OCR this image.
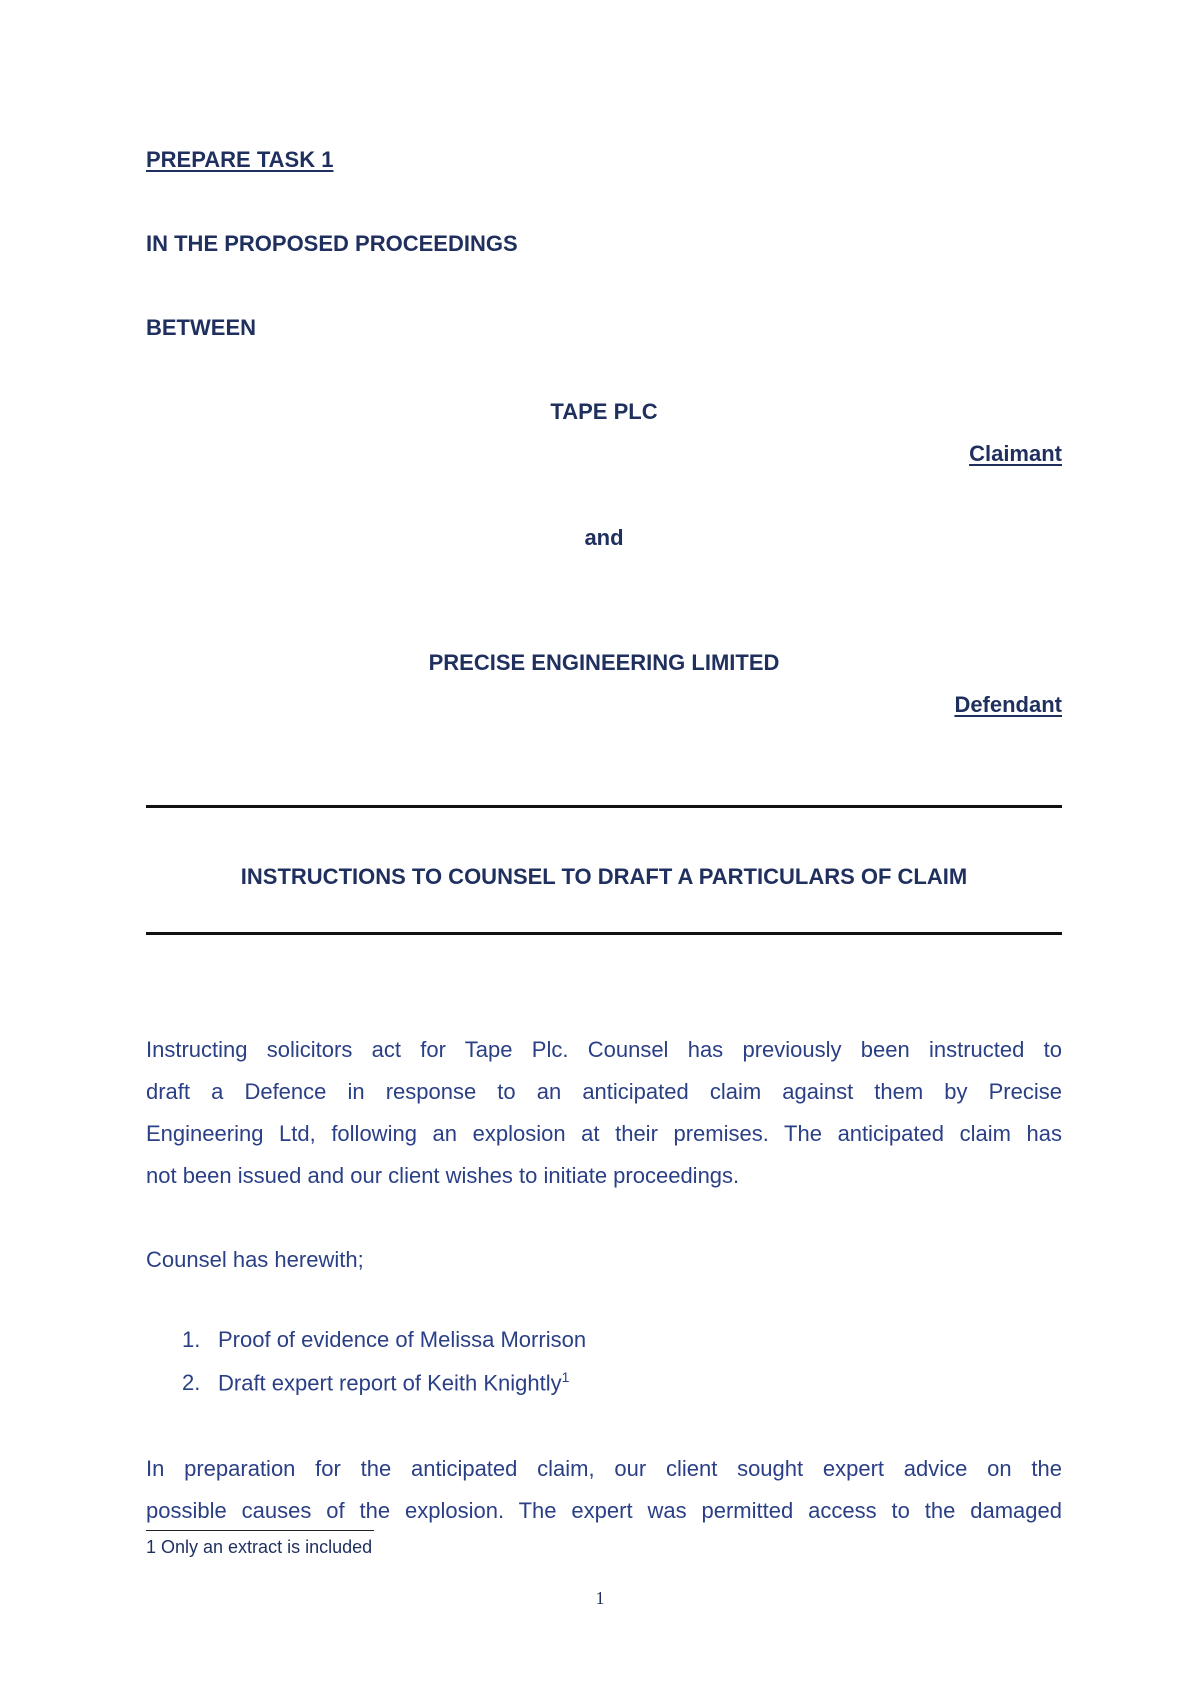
PREPARE TASK 1
IN THE PROPOSED PROCEEDINGS
BETWEEN
TAPE PLC
Claimant
and
PRECISE ENGINEERING LIMITED
Defendant
INSTRUCTIONS TO COUNSEL TO DRAFT A PARTICULARS OF CLAIM
Instructing solicitors act for Tape Plc. Counsel has previously been instructed to
draft a Defence in response to an anticipated claim against them by Precise
Engineering Ltd, following an explosion at their premises. The anticipated claim has
not been issued and our client wishes to initiate proceedings.
Counsel has herewith;
1. Proof of evidence of Melissa Morrison
2. Draft expert report of Keith Knightly$^1$
In preparation for the anticipated claim, our client sought expert advice on the
possible causes of the explosion. The expert was permitted access to the damaged
1 Only an extract is included
1
